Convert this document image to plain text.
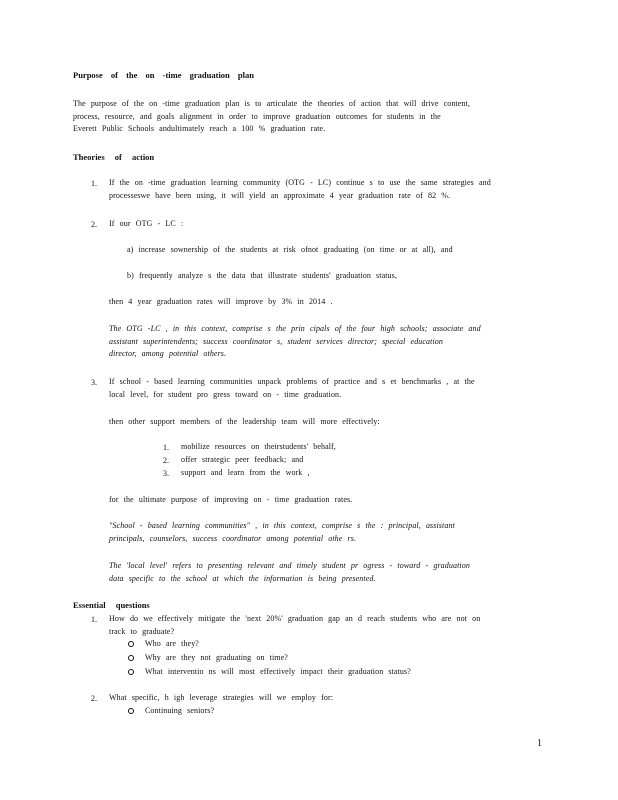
Purpose of the on -time graduation plan
The purpose of the on -time graduation plan is to articulate the theories of action that will drive content,
process, resource, and goals alignment in order to improve graduation outcomes for students in the
Everett Public Schools andultimately reach a 100 % graduation rate.
Theories of action
1. If the on -time graduation learning community (OTG - LC) continue s to use the same strategies and
processeswe have been using, it will yield an approximate 4 year graduation rate of 82 %.
2. If our OTG - LC :
a) increase sownership of the students at risk ofnot graduating (on time or at all), and
b) frequently analyze s the data that illustrate students' graduation status,
then 4 year graduation rates will improve by 3% in 2014 .
The OTG -LC , in this context, comprise s the prin cipals of the four high schools; associate and
assistant superintendents; success coordinator s, student services director; special education
director, among potential others.
3. If school - based learning communities unpack problems of practice and s et benchmarks , at the
local level, for student pro gress toward on - time graduation.
then other support members of the leadership team will more effectively:
1. mobilize resources on theirstudents' behalf,
2. offer strategic peer feedback; and
3. support and learn from the work ,
for the ultimate purpose of improving on - time graduation rates.
"School - based learning communities" , in this context, comprise s the : principal, assistant
principals, counselors, success coordinator among potential othe rs.
The 'local level' refers to presenting relevant and timely student pr ogress - toward - graduation
data specific to the school at which the information is being presented.
Essential questions
1. How do we effectively mitigate the 'next 20%' graduation gap an d reach students who are not on
track to graduate?
Who are they?
Why are they not graduating on time?
What interventio ns will most effectively impact their graduation status?
2. What specific, h igh leverage strategies will we employ for:
Continuing seniors?
1
